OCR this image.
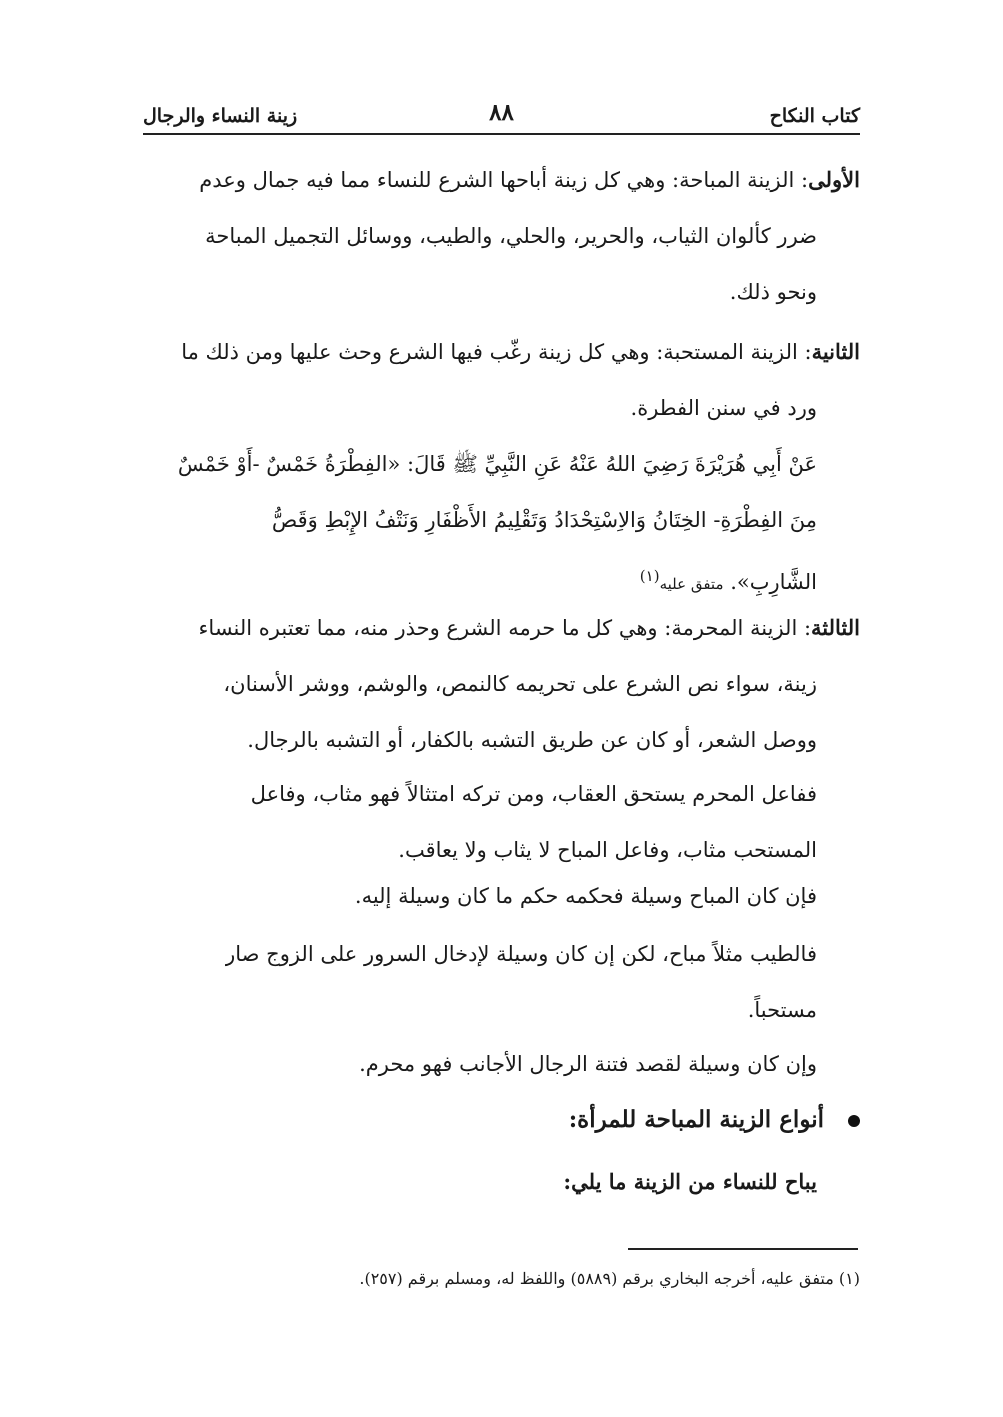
كتاب النكاح
٨٨
زينة النساء والرجال
الأولى: الزينة المباحة: وهي كل زينة أباحها الشرع للنساء مما فيه جمال وعدم
ضرر كألوان الثياب، والحرير، والحلي، والطيب، ووسائل التجميل المباحة
ونحو ذلك.
الثانية: الزينة المستحبة: وهي كل زينة رغّب فيها الشرع وحث عليها ومن ذلك ما
ورد في سنن الفطرة.
عَنْ أَبِي هُرَيْرَةَ رَضِيَ اللهُ عَنْهُ عَنِ النَّبِيِّ ﷺ قَالَ: «الفِطْرَةُ خَمْسٌ -أَوْ خَمْسٌ
مِنَ الفِطْرَةِ- الخِتَانُ وَالاِسْتِحْدَادُ وَتَقْلِيمُ الأَظْفَارِ وَنَتْفُ الإِبْطِ وَقَصُّ
الشَّارِبِ». متفق عليه$^{(١)}$
الثالثة: الزينة المحرمة: وهي كل ما حرمه الشرع وحذر منه، مما تعتبره النساء
زينة، سواء نص الشرع على تحريمه كالنمص، والوشم، ووشر الأسنان،
ووصل الشعر، أو كان عن طريق التشبه بالكفار، أو التشبه بالرجال.
ففاعل المحرم يستحق العقاب، ومن تركه امتثالاً فهو مثاب، وفاعل
المستحب مثاب، وفاعل المباح لا يثاب ولا يعاقب.
فإن كان المباح وسيلة فحكمه حكم ما كان وسيلة إليه.
فالطيب مثلاً مباح، لكن إن كان وسيلة لإدخال السرور على الزوج صار
مستحباً.
وإن كان وسيلة لقصد فتنة الرجال الأجانب فهو محرم.
أنواع الزينة المباحة للمرأة:
يباح للنساء من الزينة ما يلي:
(١) متفق عليه، أخرجه البخاري برقم (٥٨٨٩) واللفظ له، ومسلم برقم (٢٥٧).
